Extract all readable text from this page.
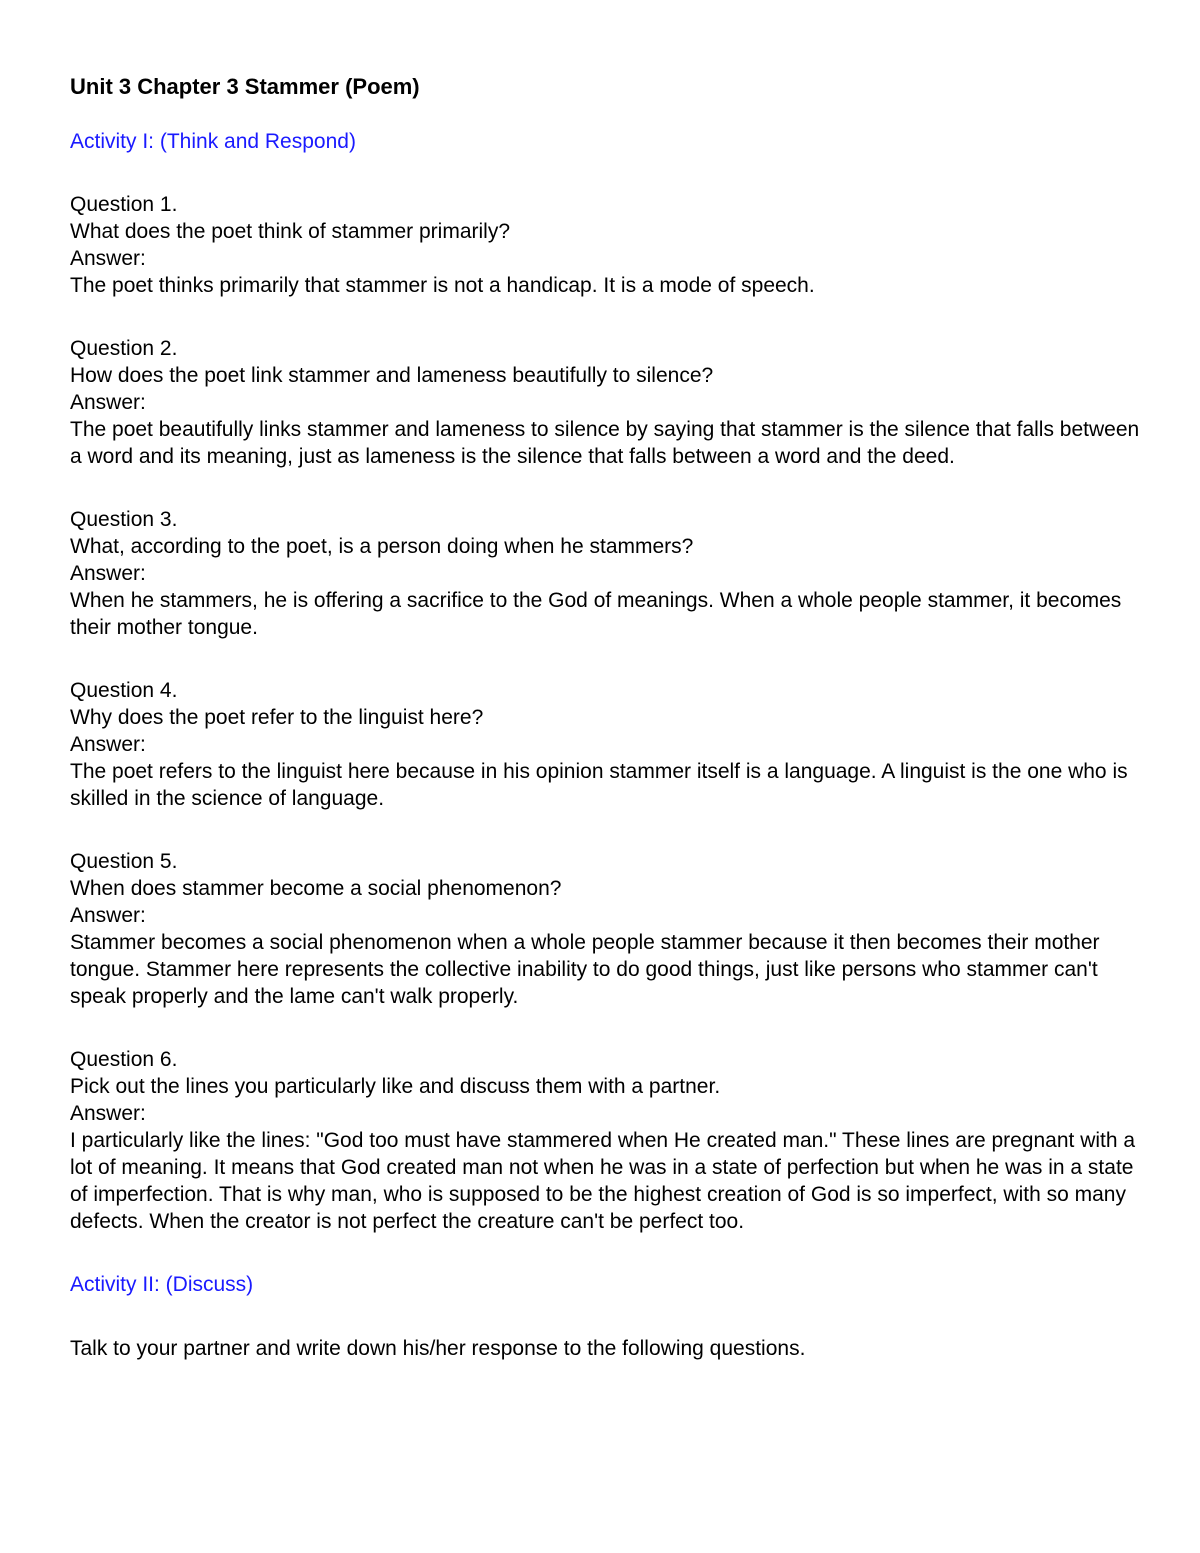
Unit 3 Chapter 3 Stammer (Poem)

Activity I: (Think and Respond)

Question 1.

What does the poet think of stammer primarily?

Answer:

The poet thinks primarily that stammer is not a handicap. It is a mode of speech.

Question 2.

How does the poet link stammer and lameness beautifully to silence?

Answer:

The poet beautifully links stammer and lameness to silence by saying that stammer is the silence that falls between a word and its meaning, just as lameness is the silence that falls between a word and the deed.

Question 3.

What, according to the poet, is a person doing when he stammers?

Answer:

When he stammers, he is offering a sacrifice to the God of meanings. When a whole people stammer, it becomes their mother tongue.

Question 4.

Why does the poet refer to the linguist here?

Answer:

The poet refers to the linguist here because in his opinion stammer itself is a language. A linguist is the one who is skilled in the science of language.

Question 5.

When does stammer become a social phenomenon?

Answer:

Stammer becomes a social phenomenon when a whole people stammer because it then becomes their mother tongue. Stammer here represents the collective inability to do good things, just like persons who stammer can't speak properly and the lame can't walk properly.

Question 6.

Pick out the lines you particularly like and discuss them with a partner.

Answer:

I particularly like the lines: "God too must have stammered when He created man." These lines are pregnant with a lot of meaning. It means that God created man not when he was in a state of perfection but when he was in a state of imperfection. That is why man, who is supposed to be the highest creation of God is so imperfect, with so many defects. When the creator is not perfect the creature can't be perfect too.

Activity II: (Discuss)

Talk to your partner and write down his/her response to the following questions.
